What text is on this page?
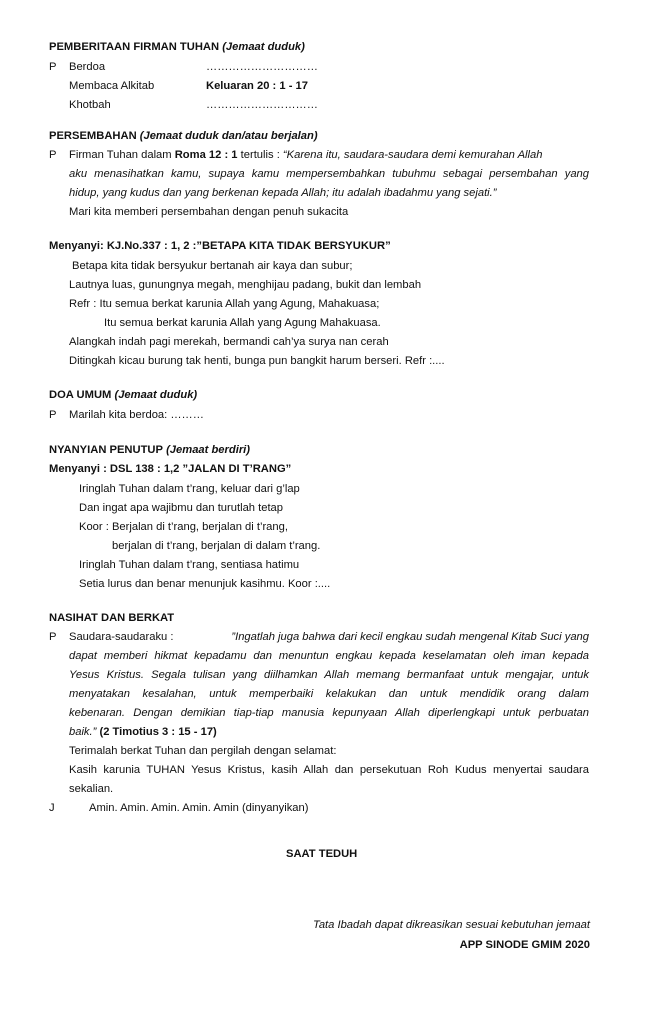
PEMBERITAAN FIRMAN TUHAN (Jemaat duduk)
P Berdoa	…………………………
Membaca Alkitab	Keluaran 20 : 1 - 17
Khotbah	…………………………
PERSEMBAHAN (Jemaat duduk dan/atau berjalan)
P Firman Tuhan dalam Roma 12 : 1 tertulis : “Karena itu, saudara-saudara demi kemurahan Allah
aku menasihatkan kamu, supaya kamu mempersembahkan tubuhmu sebagai persembahan yang
hidup, yang kudus dan yang berkenan kepada Allah; itu adalah ibadahmu yang sejati.”
Mari kita memberi persembahan dengan penuh sukacita
Menyanyi: KJ.No.337 : 1, 2 :”BETAPA KITA TIDAK BERSYUKUR”
Betapa kita tidak bersyukur bertanah air kaya dan subur;
Lautnya luas, gunungnya megah, menghijau padang, bukit dan lembah
Refr : Itu semua berkat karunia Allah yang Agung, Mahakuasa;
Itu semua berkat karunia Allah yang Agung Mahakuasa.
Alangkah indah pagi merekah, bermandi cah’ya surya nan cerah
Ditingkah kicau burung tak henti, bunga pun bangkit harum berseri. Refr :....
DOA UMUM (Jemaat duduk)
P Marilah kita berdoa: ………
NYANYIAN PENUTUP (Jemaat berdiri)
Menyanyi : DSL 138 : 1,2 ”JALAN DI T’RANG”
Iringlah Tuhan dalam t’rang, keluar dari g’lap
Dan ingat apa wajibmu dan turutlah tetap
Koor : Berjalan di t’rang, berjalan di t’rang,
berjalan di t’rang, berjalan di dalam t’rang.
Iringlah Tuhan dalam t’rang, sentiasa hatimu
Setia lurus dan benar menunjuk kasihmu. Koor :....
NASIHAT DAN BERKAT
P Saudara-saudaraku :	”Ingatlah juga bahwa dari kecil engkau sudah mengenal Kitab Suci yang
dapat memberi hikmat kepadamu dan menuntun engkau kepada keselamatan oleh iman kepada
Yesus Kristus. Segala tulisan yang diilhamkan Allah memang bermanfaat untuk mengajar, untuk
menyatakan kesalahan, untuk memperbaiki kelakukan dan untuk mendidik orang dalam
kebenaran. Dengan demikian tiap-tiap manusia kepunyaan Allah diperlengkapi untuk perbuatan
baik.” (2 Timotius 3 : 15 - 17)
Terimalah berkat Tuhan dan pergilah dengan selamat:
Kasih karunia TUHAN Yesus Kristus, kasih Allah dan persekutuan Roh Kudus menyertai saudara
sekalian.
J	Amin. Amin. Amin. Amin. Amin (dinyanyikan)
SAAT TEDUH
Tata Ibadah dapat dikreasikan sesuai kebutuhan jemaat
APP SINODE GMIM 2020
